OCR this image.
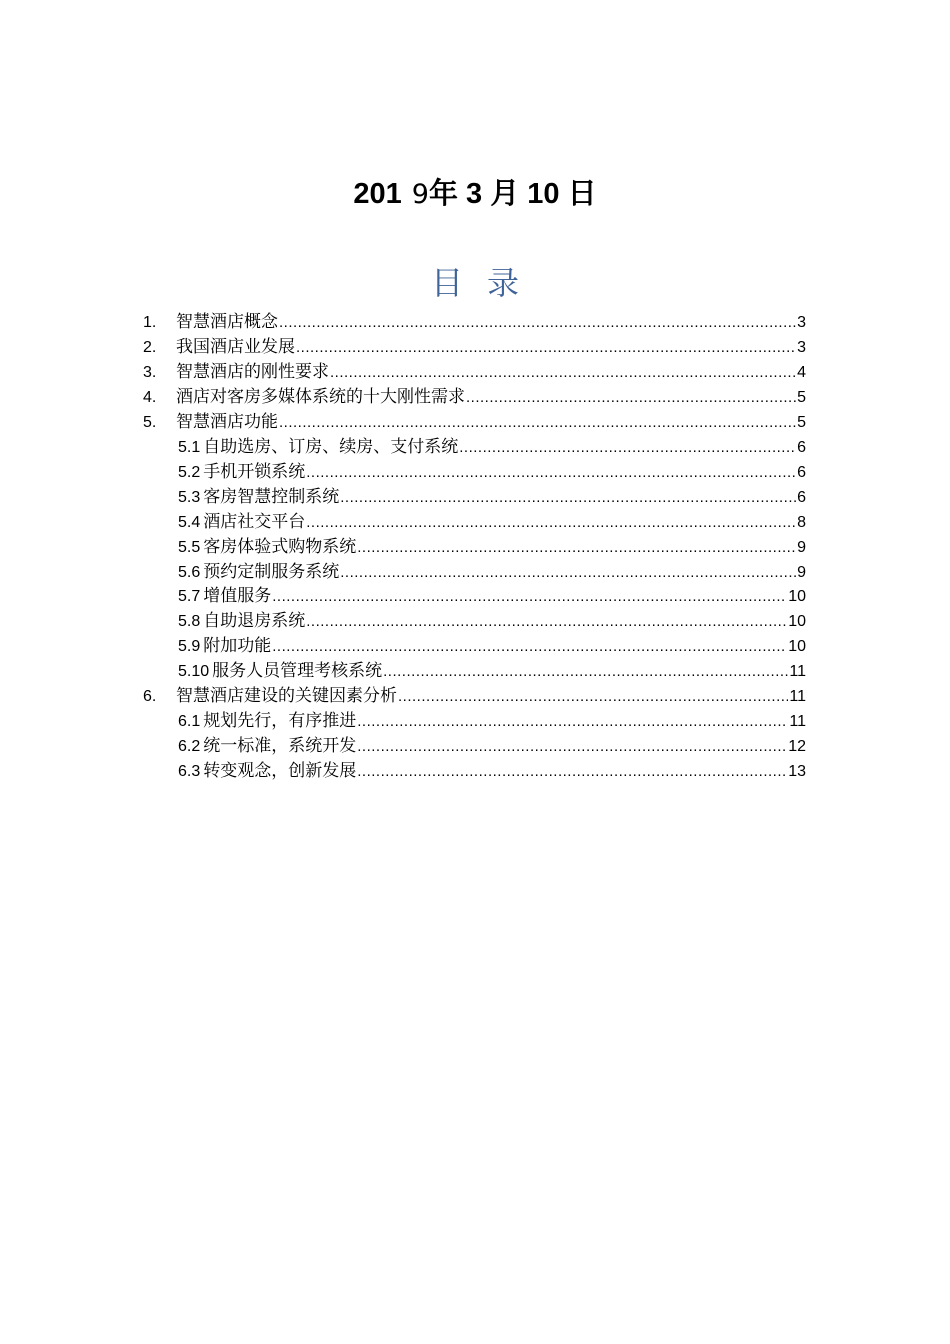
201 9年 3 月 10 日
目录
1.	智慧酒店概念 .....	3
2.	我国酒店业发展 .....	3
3.	智慧酒店的刚性要求 .....	4
4.	酒店对客房多媒体系统的十大刚性需求 .....	5
5.	智慧酒店功能 .....	5
5.1 自助选房、订房、续房、支付系统 .....	6
5.2 手机开锁系统 .....	6
5.3 客房智慧控制系统 .....	6
5.4 酒店社交平台 .....	8
5.5 客房体验式购物系统 .....	9
5.6 预约定制服务系统 .....	9
5.7 增值服务 .....	10
5.8 自助退房系统 .....	10
5.9 附加功能 .....	10
5.10 服务人员管理考核系统 .....	11
6.	智慧酒店建设的关键因素分析 .....	11
6.1 规划先行，有序推进 .....	11
6.2 统一标准，系统开发 .....	12
6.3 转变观念，创新发展 .....	13
